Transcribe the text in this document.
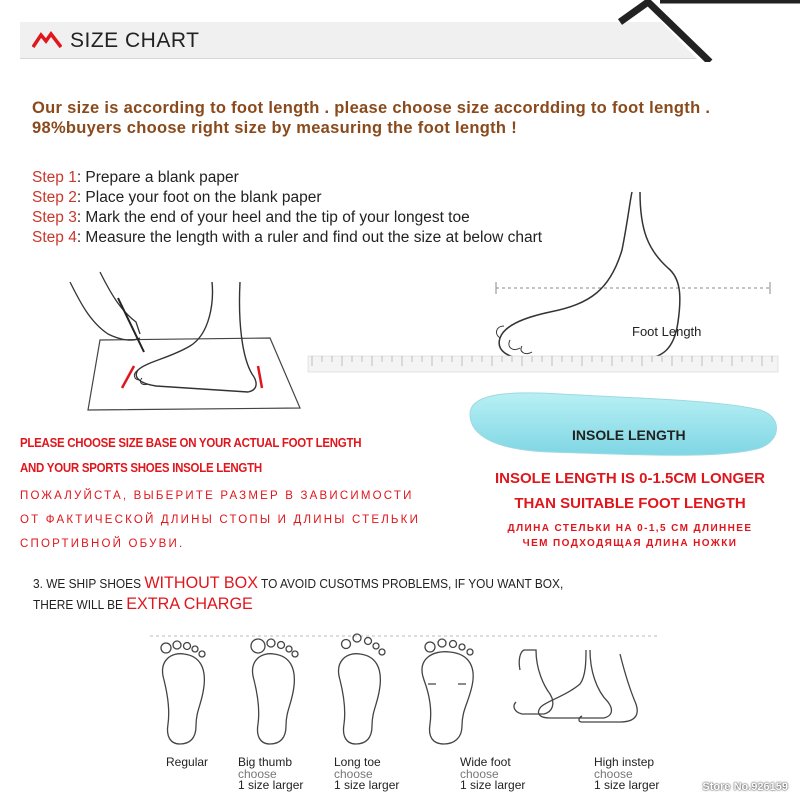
SIZE CHART
Our size is according to foot length . please choose size accordding to foot length .
98%buyers choose right size by measuring the foot length !
Step 1: Prepare a blank paper
Step 2: Place your foot on the blank paper
Step 3: Mark the end of your heel and the tip of your longest toe
Step 4: Measure the length with a ruler and find out the size at below chart
Foot Length
INSOLE LENGTH
PLEASE CHOOSE SIZE BASE ON YOUR ACTUAL FOOT LENGTH
AND YOUR SPORTS SHOES INSOLE LENGTH
ПОЖАЛУЙСТА, ВЫБЕРИТЕ РАЗМЕР В ЗАВИСИМОСТИ
ОТ ФАКТИЧЕСКОЙ ДЛИНЫ СТОПЫ И ДЛИНЫ СТЕЛЬКИ
СПОРТИВНОЙ ОБУВИ.
INSOLE LENGTH IS 0-1.5CM LONGER
THAN SUITABLE FOOT LENGTH
ДЛИНА СТЕЛЬКИ НА 0-1,5 СМ ДЛИННЕЕ
ЧЕМ ПОДХОДЯЩАЯ ДЛИНА НОЖКИ
3. WE SHIP SHOES WITHOUT BOX TO AVOID CUSOTMS PROBLEMS, IF YOU WANT BOX,
THERE WILL BE EXTRA CHARGE
Regular Big thumb
choose
1 size larger
Long toe
choose
1 size larger
Wide foot
choose
1 size larger
High instep
choose
1 size larger	Store No.926159
